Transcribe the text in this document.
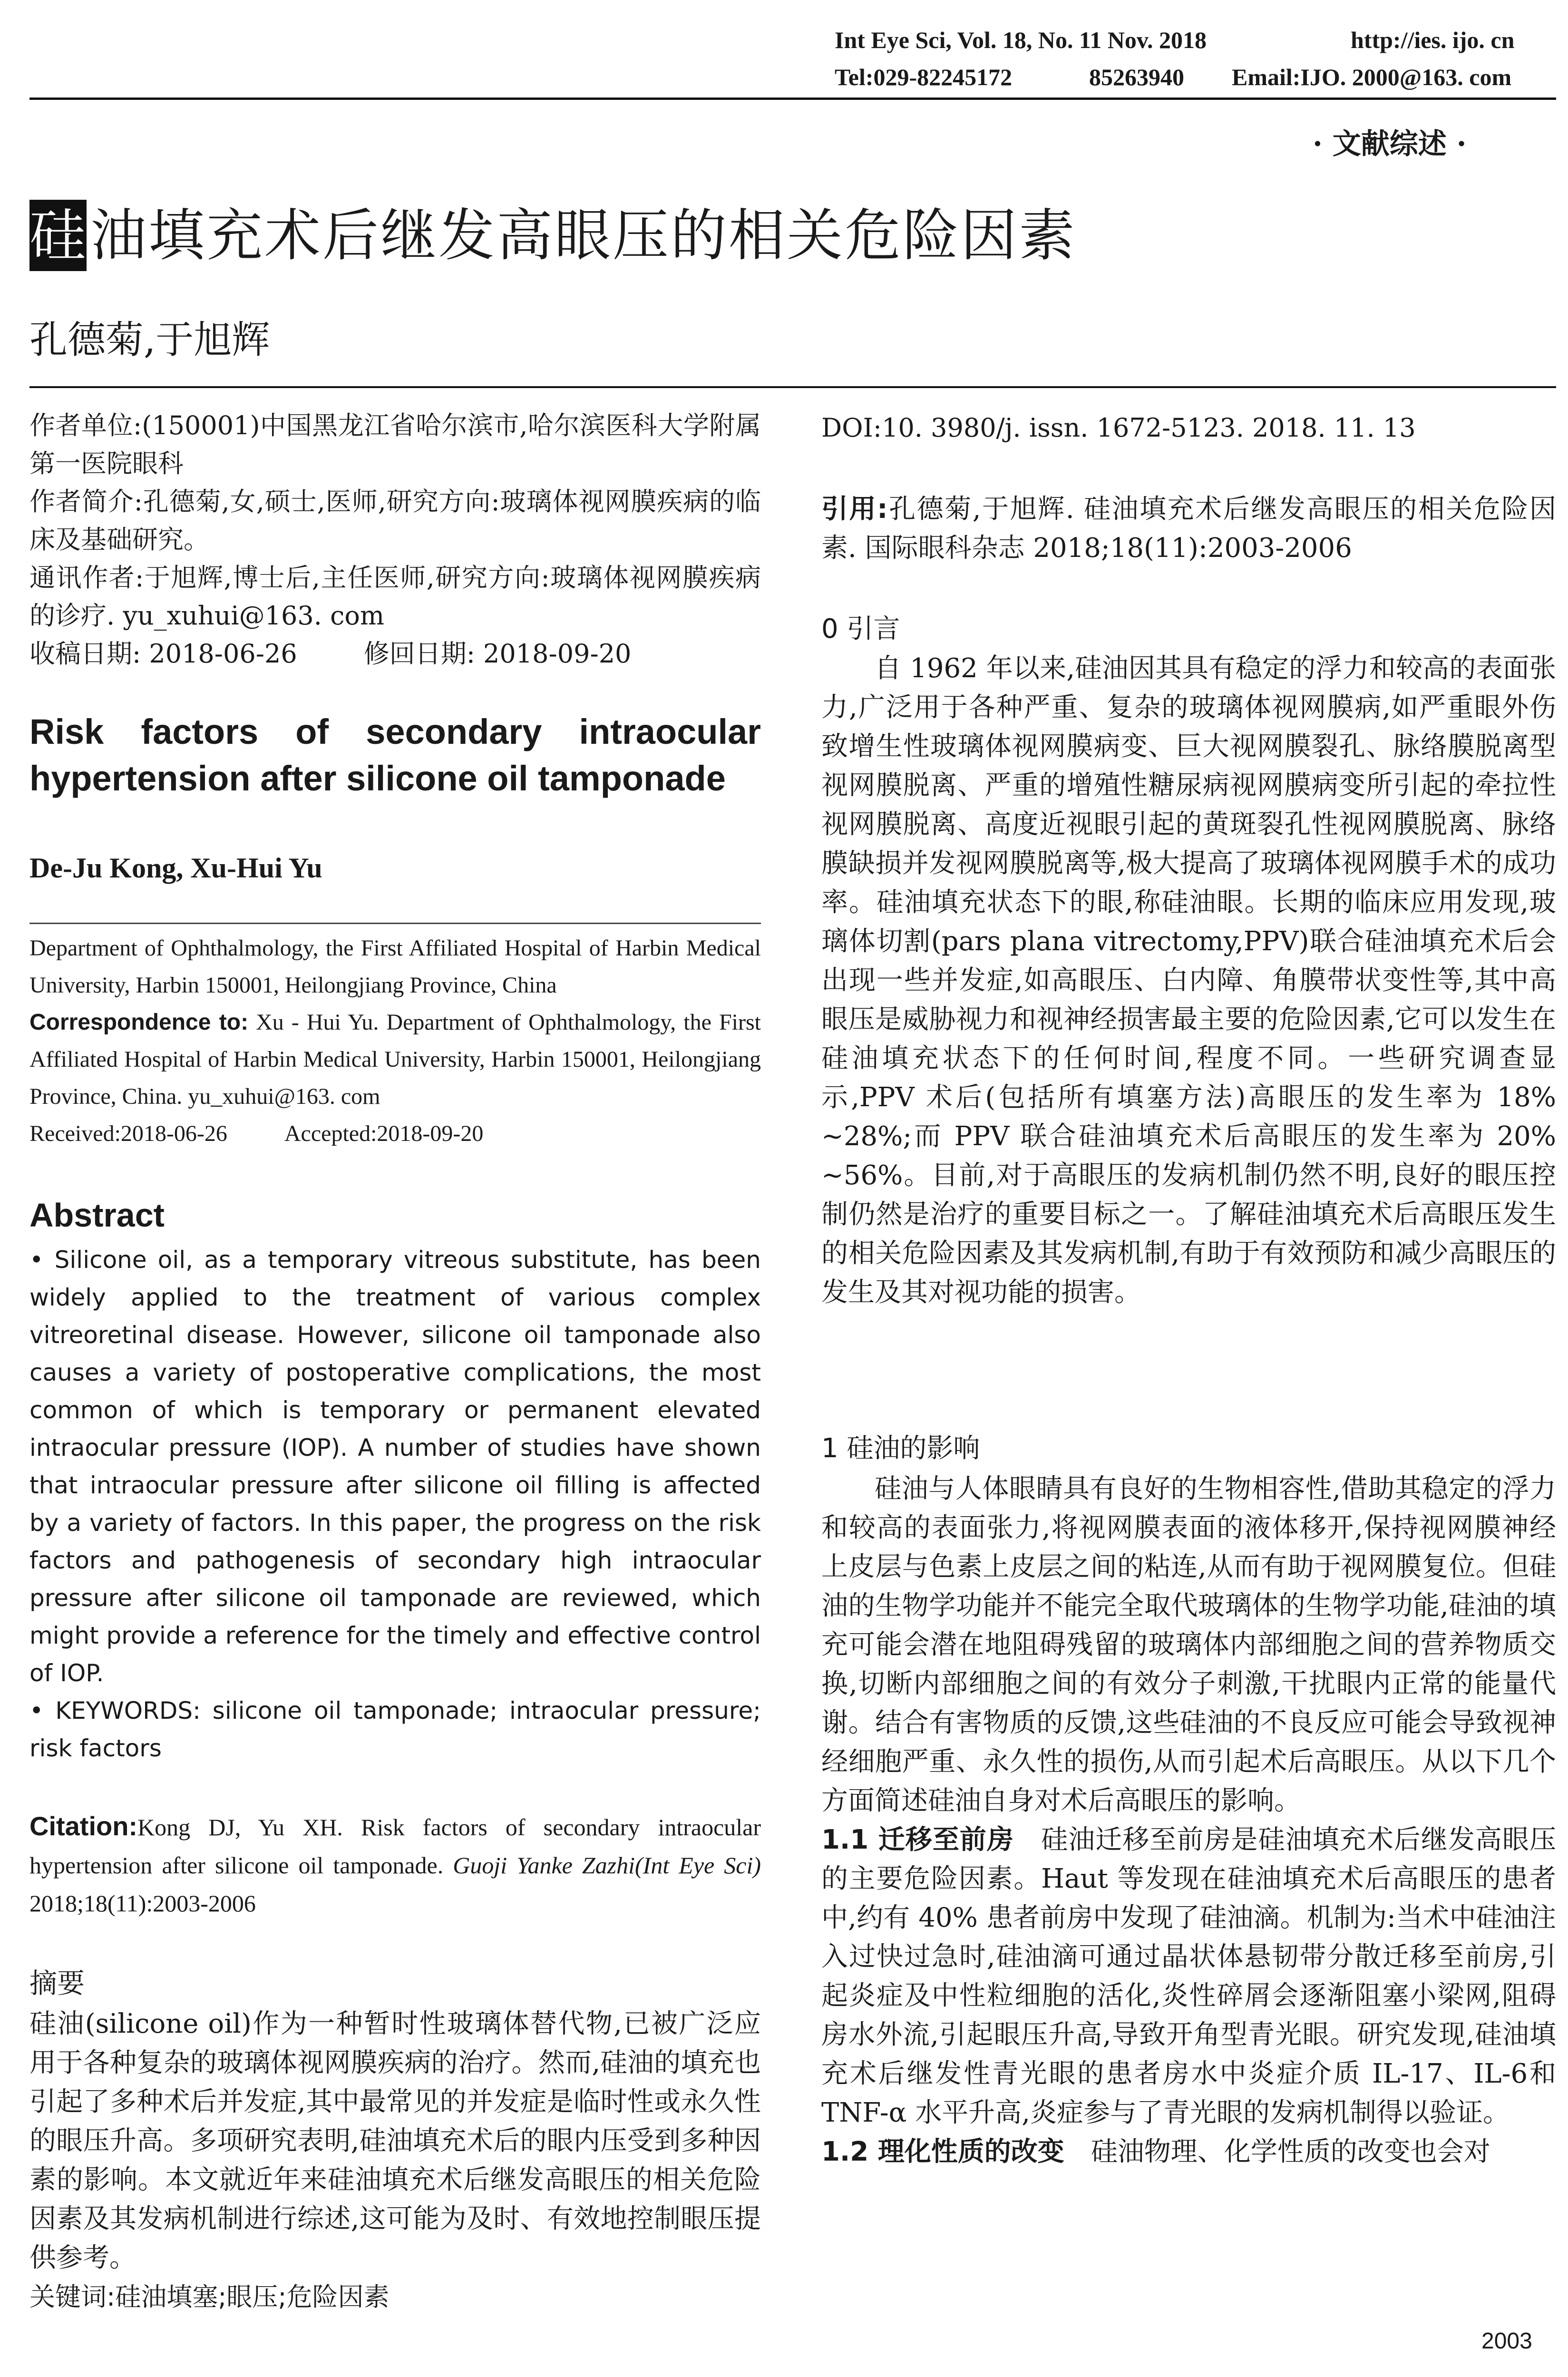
Int Eye Sci, Vol. 18, No. 11 Nov. 2018	http://ies. ijo. cn
Tel:029-82245172	85263940 Email:IJO. 2000@163. com
· 文献综述 ·
硅油填充术后继发高眼压的相关危险因素
孔德菊,于旭辉

作者单位:(150001)中国黑龙江省哈尔滨市,哈尔滨医科大学附属第一医院眼科

作者简介:孔德菊,女,硕士,医师,研究方向:玻璃体视网膜疾病的临床及基础研究。

通讯作者:于旭辉,博士后,主任医师,研究方向:玻璃体视网膜疾病的诊疗. yu_xuhui@163. com

收稿日期: 2018-06-26	修回日期: 2018-09-20

Risk factors of secondary intraocular
hypertension after silicone oil tamponade
De-Ju Kong, Xu-Hui Yu
Department of Ophthalmology, the First Affiliated Hospital of Harbin Medical University, Harbin 150001, Heilongjiang Province, China
Correspondence to: Xu - Hui Yu. Department of Ophthalmology, the First Affiliated Hospital of Harbin Medical University, Harbin 150001, Heilongjiang Province, China. yu_xuhui@163. com
Received:2018-06-26	Accepted:2018-09-20
Abstract

• Silicone oil, as a temporary vitreous substitute, has been widely applied to the treatment of various complex vitreoretinal disease. However, silicone oil tamponade also causes a variety of postoperative complications, the most common of which is temporary or permanent elevated intraocular pressure (IOP). A number of studies have shown that intraocular pressure after silicone oil filling is affected by a variety of factors. In this paper, the progress on the risk factors and pathogenesis of secondary high intraocular pressure after silicone oil tamponade are reviewed, which might provide a reference for the timely and effective control of IOP.

• KEYWORDS: silicone oil tamponade; intraocular pressure; risk factors

Citation:Kong DJ, Yu XH. Risk factors of secondary intraocular hypertension after silicone oil tamponade. Guoji Yanke Zazhi(Int Eye Sci) 2018;18(11):2003-2006
摘要

硅油(silicone oil)作为一种暂时性玻璃体替代物,已被广泛应用于各种复杂的玻璃体视网膜疾病的治疗。然而,硅油的填充也引起了多种术后并发症,其中最常见的并发症是临时性或永久性的眼压升高。多项研究表明,硅油填充术后的眼内压受到多种因素的影响。本文就近年来硅油填充术后继发高眼压的相关危险因素及其发病机制进行综述,这可能为及时、有效地控制眼压提供参考。

关键词:硅油填塞;眼压;危险因素

DOI:10. 3980/j. issn. 1672-5123. 2018. 11. 13

引用:孔德菊,于旭辉. 硅油填充术后继发高眼压的相关危险因素. 国际眼科杂志 2018;18(11):2003-2006

0 引言

自 1962 年以来,硅油因其具有稳定的浮力和较高的表面张力,广泛用于各种严重、复杂的玻璃体视网膜病,如严重眼外伤致增生性玻璃体视网膜病变、巨大视网膜裂孔、脉络膜脱离型视网膜脱离、严重的增殖性糖尿病视网膜病变所引起的牵拉性视网膜脱离、高度近视眼引起的黄斑裂孔性视网膜脱离、脉络膜缺损并发视网膜脱离等,极大提高了玻璃体视网膜手术的成功率。硅油填充状态下的眼,称硅油眼。长期的临床应用发现,玻璃体切割(pars plana vitrectomy,PPV)联合硅油填充术后会出现一些并发症,如高眼压、白内障、角膜带状变性等,其中高眼压是威胁视力和视神经损害最主要的危险因素,它可以发生在硅油填充状态下的任何时间,程度不同。一些研究调查显示,PPV 术后(包括所有填塞方法)高眼压的发生率为 18% ~28%;而 PPV 联合硅油填充术后高眼压的发生率为 20% ~56%。目前,对于高眼压的发病机制仍然不明,良好的眼压控制仍然是治疗的重要目标之一。了解硅油填充术后高眼压发生的相关危险因素及其发病机制,有助于有效预防和减少高眼压的发生及其对视功能的损害。

1 硅油的影响

硅油与人体眼睛具有良好的生物相容性,借助其稳定的浮力和较高的表面张力,将视网膜表面的液体移开,保持视网膜神经上皮层与色素上皮层之间的粘连,从而有助于视网膜复位。但硅油的生物学功能并不能完全取代玻璃体的生物学功能,硅油的填充可能会潜在地阻碍残留的玻璃体内部细胞之间的营养物质交换,切断内部细胞之间的有效分子刺激,干扰眼内正常的能量代谢。结合有害物质的反馈,这些硅油的不良反应可能会导致视神经细胞严重、永久性的损伤,从而引起术后高眼压。从以下几个方面简述硅油自身对术后高眼压的影响。

1.1 迁移至前房 硅油迁移至前房是硅油填充术后继发高眼压的主要危险因素。Haut 等发现在硅油填充术后高眼压的患者中,约有 40% 患者前房中发现了硅油滴。机制为:当术中硅油注入过快过急时,硅油滴可通过晶状体悬韧带分散迁移至前房,引起炎症及中性粒细胞的活化,炎性碎屑会逐渐阻塞小梁网,阻碍房水外流,引起眼压升高,导致开角型青光眼。研究发现,硅油填充术后继发性青光眼的患者房水中炎症介质 IL-17、IL-6和 TNF-α 水平升高,炎症参与了青光眼的发病机制得以验证。

1.2 理化性质的改变 硅油物理、化学性质的改变也会对

2003
